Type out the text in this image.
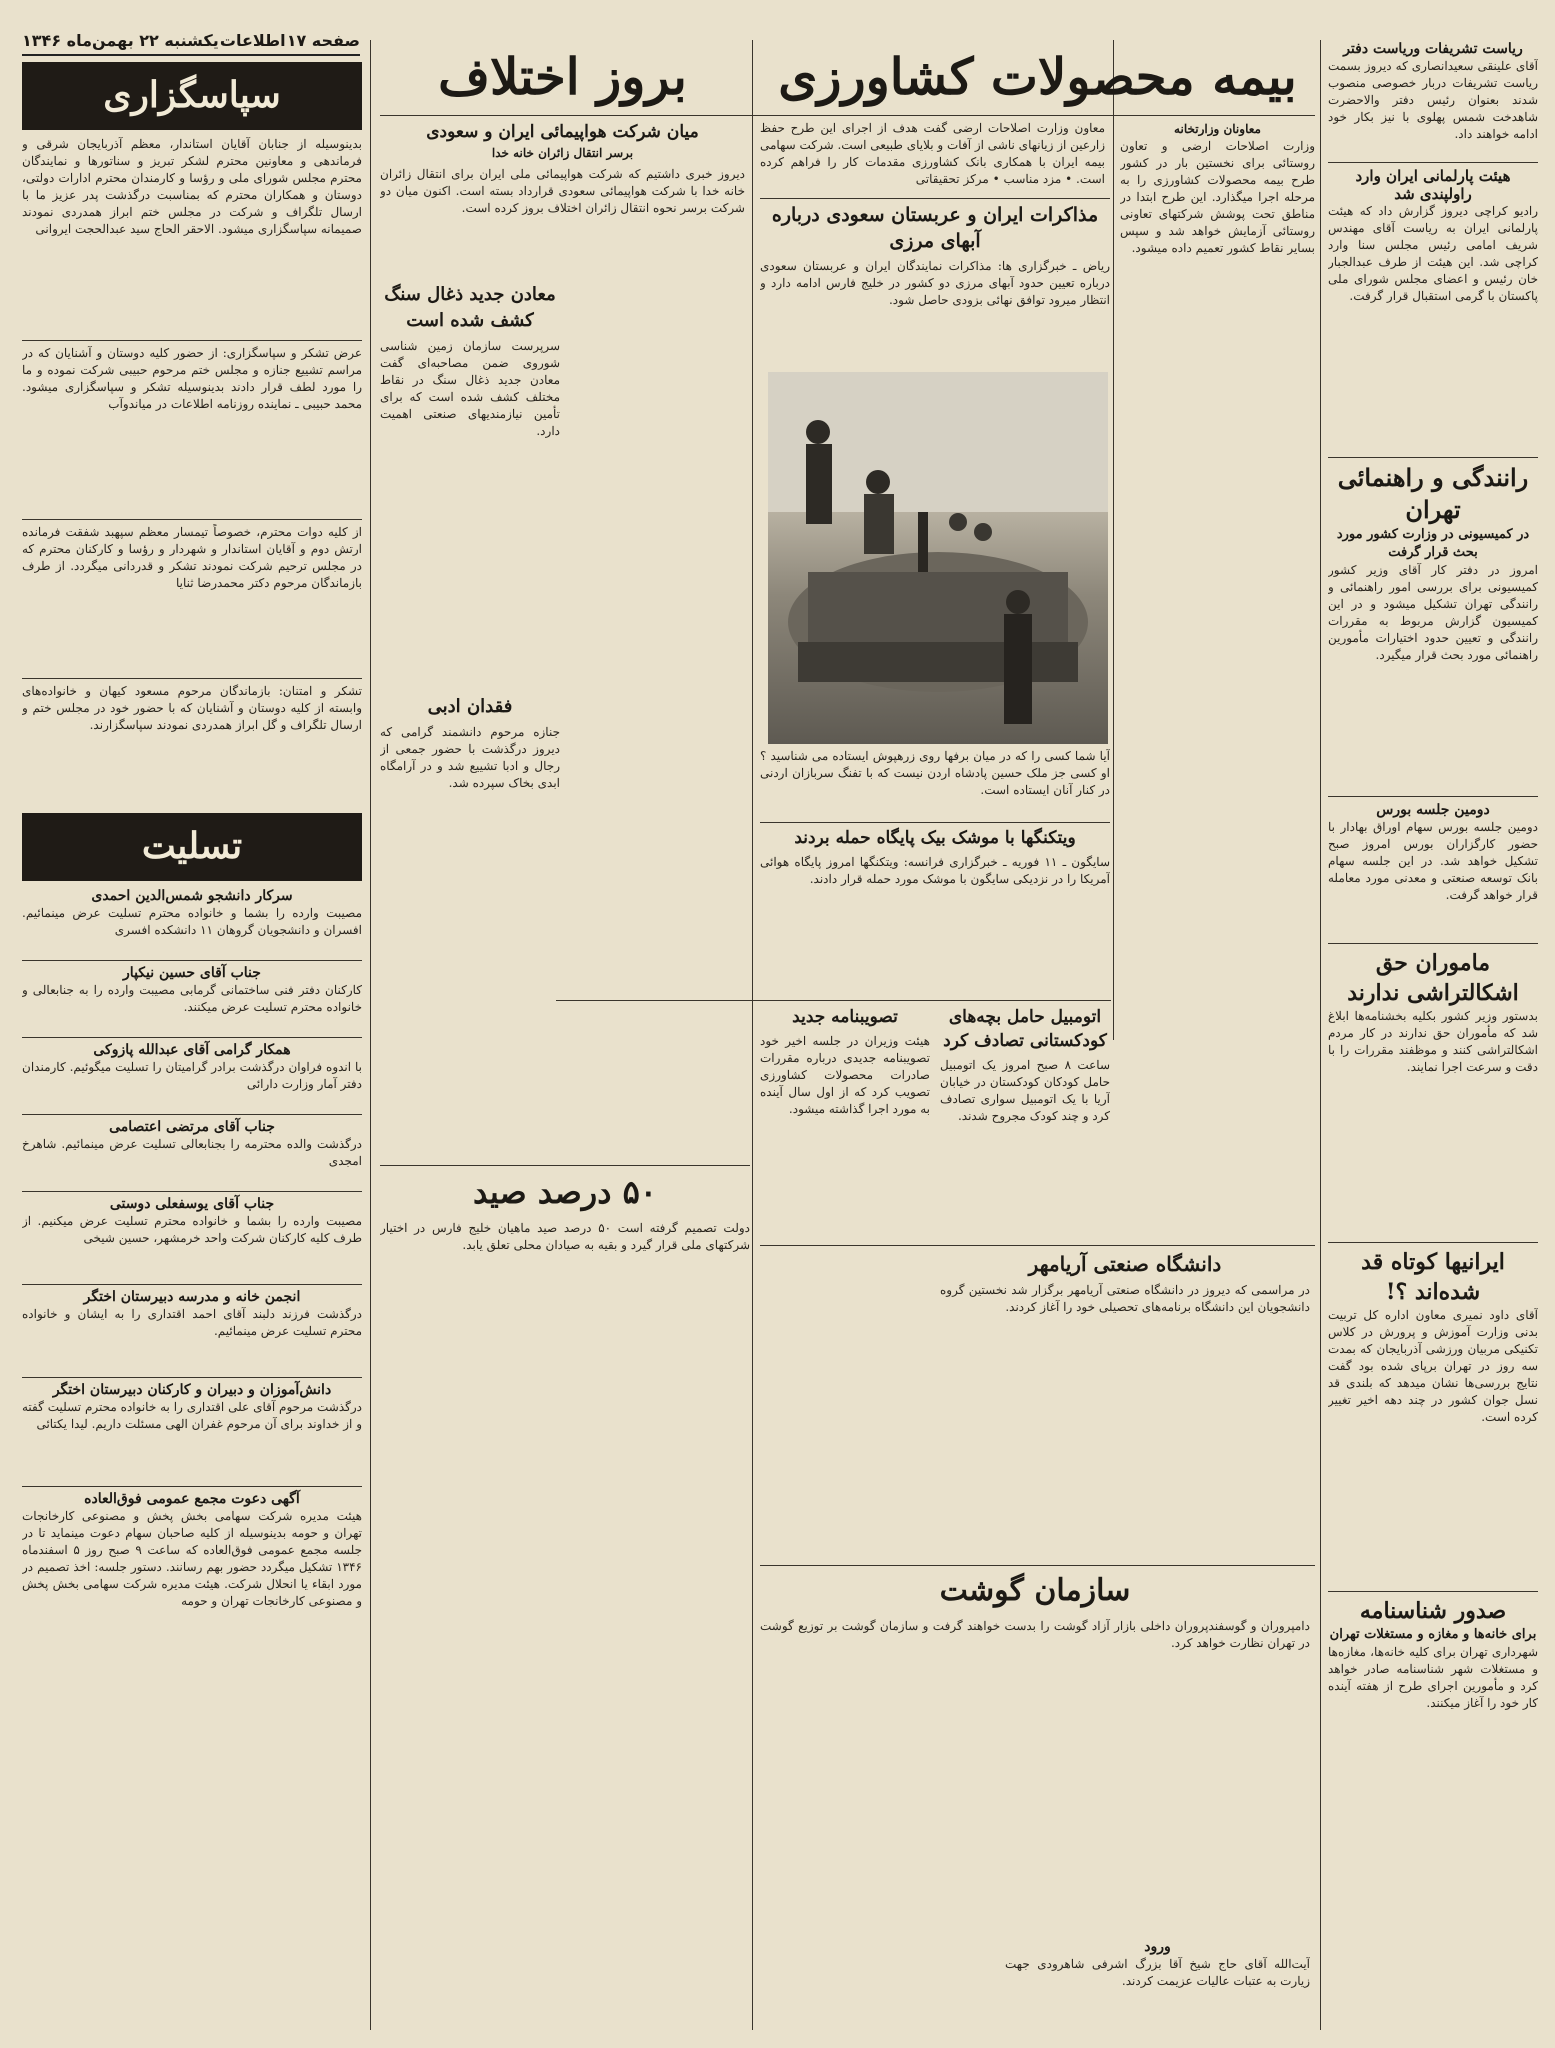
صفحه ۱۷
اطلاعات
یکشنبه ۲۲ بهمن‌ماه ۱۳۴۶	ریاست تشریفات وریاست دفتر
آقای علینقی سعیدانصاری که دیروز بسمت ریاست تشریفات دربار خصوصی منصوب شدند بعنوان رئیس دفتر والاحضرت شاهدخت شمس پهلوی با نیز بکار خود ادامه خواهند داد.
هیئت پارلمانی ایران وارد راولپندی شد
رادیو کراچی دیروز گزارش داد که هیئت پارلمانی ایران به ریاست آقای مهندس شریف امامی رئیس مجلس سنا وارد کراچی شد. این هیئت از طرف عبدالجبار خان رئیس و اعضای مجلس شورای ملی پاکستان با گرمی استقبال قرار گرفت.
رانندگی و راهنمائی تهران
در کمیسیونی در وزارت کشور مورد بحث قرار گرفت
امروز در دفتر کار آقای وزیر کشور کمیسیونی برای بررسی امور راهنمائی و رانندگی تهران تشکیل میشود و در این کمیسیون گزارش مربوط به مقررات رانندگی و تعیین حدود اختیارات مأمورین راهنمائی مورد بحث قرار میگیرد.
دومین جلسه بورس
دومین جلسه بورس سهام اوراق بهادار با حضور کارگزاران بورس امروز صبح تشکیل خواهد شد. در این جلسه سهام بانک توسعه صنعتی و معدنی مورد معامله قرار خواهد گرفت.
ماموران حق اشکالتراشی ندارند
بدستور وزیر کشور بکلیه بخشنامه‌ها ابلاغ شد که مأموران حق ندارند در کار مردم اشکالتراشی کنند و موظفند مقررات را با دقت و سرعت اجرا نمایند.
ایرانیها کوتاه قد شده‌اند ؟!
آقای داود نمیری معاون اداره کل تربیت بدنی وزارت آموزش و پرورش در کلاس تکنیکی مربیان ورزشی آذربایجان که بمدت سه روز در تهران برپای شده بود گفت نتایج بررسی‌ها نشان میدهد که بلندی قد نسل جوان کشور در چند دهه اخیر تغییر کرده است.
صدور شناسنامه
برای خانه‌ها و مغازه و مستغلات تهران
شهرداری تهران برای کلیه خانه‌ها، مغازه‌ها و مستغلات شهر شناسنامه صادر خواهد کرد و مأمورین اجرای طرح از هفته آینده کار خود را آغاز میکنند.
بیمه محصولات کشاورزی
بروز اختلاف
معاونان وزارتخانه
وزارت اصلاحات ارضی و تعاون روستائی برای نخستین بار در کشور طرح بیمه محصولات کشاورزی را به مرحله اجرا میگذارد. این طرح ابتدا در مناطق تحت پوشش شرکتهای تعاونی روستائی آزمایش خواهد شد و سپس بسایر نقاط کشور تعمیم داده میشود.
معاون وزارت اصلاحات ارضی گفت هدف از اجرای این طرح حفظ زارعین از زیانهای ناشی از آفات و بلایای طبیعی است. شرکت سهامی بیمه ایران با همکاری بانک کشاورزی مقدمات کار را فراهم کرده است. • مزد مناسب • مرکز تحقیقاتی
مذاکرات ایران و عربستان سعودی درباره آبهای مرزی
ریاض ـ خبرگزاری ها: مذاکرات نمایندگان ایران و عربستان سعودی درباره تعیین حدود آبهای مرزی دو کشور در خلیج فارس ادامه دارد و انتظار میرود توافق نهائی بزودی حاصل شود.
آیا شما کسی را که در میان برفها روی زرهپوش ایستاده می شناسید ؟ او کسی جز ملک حسین پادشاه اردن نیست که با تفنگ سربازان اردنی در کنار آنان ایستاده است.
ویتکنگها با موشک بیک پایگاه حمله بردند
سایگون ـ ۱۱ فوریه ـ خبرگزاری فرانسه: ویتکنگها امروز پایگاه هوائی آمریکا را در نزدیکی سایگون با موشک مورد حمله قرار دادند.
میان شرکت هواپیمائی ایران و سعودی
برسر انتقال زائران خانه خدا
دیروز خبری داشتیم که شرکت هواپیمائی ملی ایران برای انتقال زائران خانه خدا با شرکت هواپیمائی سعودی قرارداد بسته است. اکنون میان دو شرکت برسر نحوه انتقال زائران اختلاف بروز کرده است.
معادن جدید ذغال سنگ کشف شده است
سرپرست سازمان زمین شناسی شوروی ضمن مصاحبه‌ای گفت معادن جدید ذغال سنگ در نقاط مختلف کشف شده است که برای تأمین نیازمندیهای صنعتی اهمیت دارد.
فقدان ادبی
جنازه مرحوم دانشمند گرامی که دیروز درگذشت با حضور جمعی از رجال و ادبا تشییع شد و در آرامگاه ابدی بخاک سپرده شد.
اتومبیل حامل بچه‌های کودکستانی تصادف کرد
ساعت ۸ صبح امروز یک اتومبیل حامل کودکان کودکستان در خیابان آریا با یک اتومبیل سواری تصادف کرد و چند کودک مجروح شدند.
تصویبنامه جدید
هیئت وزیران در جلسه اخیر خود تصویبنامه جدیدی درباره مقررات صادرات محصولات کشاورزی تصویب کرد که از اول سال آینده به مورد اجرا گذاشته میشود.
دانشگاه صنعتی آریامهر
در مراسمی که دیروز در دانشگاه صنعتی آریامهر برگزار شد نخستین گروه دانشجویان این دانشگاه برنامه‌های تحصیلی خود را آغاز کردند.
۵۰ درصد صید
دولت تصمیم گرفته است ۵۰ درصد صید ماهیان خلیج فارس در اختیار شرکتهای ملی قرار گیرد و بقیه به صیادان محلی تعلق یابد.
سازمان گوشت
دامپروران و گوسفندپروران داخلی بازار آزاد گوشت را بدست خواهند گرفت و سازمان گوشت بر توزیع گوشت در تهران نظارت خواهد کرد.
ورود
آیت‌الله آقای حاج شیخ آقا بزرگ اشرفی شاهرودی جهت زیارت به عتبات عالیات عزیمت کردند.
سپاسگزاری
بدینوسیله از جنابان آقایان استاندار، معظم آذربایجان شرقی و فرماندهی و معاونین محترم لشکر تبریز و سناتورها و نمایندگان محترم مجلس شورای ملی و رؤسا و کارمندان محترم ادارات دولتی، دوستان و همکاران محترم که بمناسبت درگذشت پدر عزیز ما با ارسال تلگراف و شرکت در مجلس ختم ابراز همدردی نمودند صمیمانه سپاسگزاری میشود. الاحقر الحاج سید عبدالحجت ایروانی
عرض تشکر و سپاسگزاری: از حضور کلیه دوستان و آشنایان که در مراسم تشییع جنازه و مجلس ختم مرحوم حبیبی شرکت نموده و ما را مورد لطف قرار دادند بدینوسیله تشکر و سپاسگزاری میشود. محمد حبیبی ـ نماینده روزنامه اطلاعات در میاندوآب
از کلیه دوات محترم، خصوصاً تیمسار معظم سپهبد شفقت فرمانده ارتش دوم و آقایان استاندار و شهردار و رؤسا و کارکنان محترم که در مجلس ترحیم شرکت نمودند تشکر و قدردانی میگردد. از طرف بازماندگان مرحوم دکتر محمدرضا ثنایا
تشکر و امتنان: بازماندگان مرحوم مسعود کیهان و خانواده‌های وابسته از کلیه دوستان و آشنایان که با حضور خود در مجلس ختم و ارسال تلگراف و گل ابراز همدردی نمودند سپاسگزارند.
تسلیت
سرکار دانشجو شمس‌الدین احمدی
مصیبت وارده را بشما و خانواده محترم تسلیت عرض مینمائیم. افسران و دانشجویان گروهان ۱۱ دانشکده افسری
جناب آقای حسین نیکپار
کارکنان دفتر فنی ساختمانی گرمابی مصیبت وارده را به جنابعالی و خانواده محترم تسلیت عرض میکنند.
همکار گرامی آقای عبدالله پازوکی
با اندوه فراوان درگذشت برادر گرامیتان را تسلیت میگوئیم. کارمندان دفتر آمار وزارت دارائی
جناب آقای مرتضی اعتصامی
درگذشت والده محترمه را بجنابعالی تسلیت عرض مینمائیم. شاهرخ امجدی
جناب آقای یوسفعلی دوستی
مصیبت وارده را بشما و خانواده محترم تسلیت عرض میکنیم. از طرف کلیه کارکنان شرکت واحد خرمشهر، حسین شیخی
انجمن خانه و مدرسه دبیرستان اختگر
درگذشت فرزند دلبند آقای احمد اقتداری را به ایشان و خانواده محترم تسلیت عرض مینمائیم.
دانش‌آموزان و دبیران و کارکنان دبیرستان اختگر
درگذشت مرحوم آقای علی اقتداری را به خانواده محترم تسلیت گفته و از خداوند برای آن مرحوم غفران الهی مسئلت داریم. لیدا یکتائی
آگهی دعوت مجمع عمومی فوق‌العاده
هیئت مدیره شرکت سهامی بخش پخش و مصنوعی کارخانجات تهران و حومه بدینوسیله از کلیه صاحبان سهام دعوت مینماید تا در جلسه مجمع عمومی فوق‌العاده که ساعت ۹ صبح روز ۵ اسفندماه ۱۳۴۶ تشکیل میگردد حضور بهم رسانند. دستور جلسه: اخذ تصمیم در مورد ابقاء یا انحلال شرکت. هیئت مدیره شرکت سهامی بخش پخش و مصنوعی کارخانجات تهران و حومه
